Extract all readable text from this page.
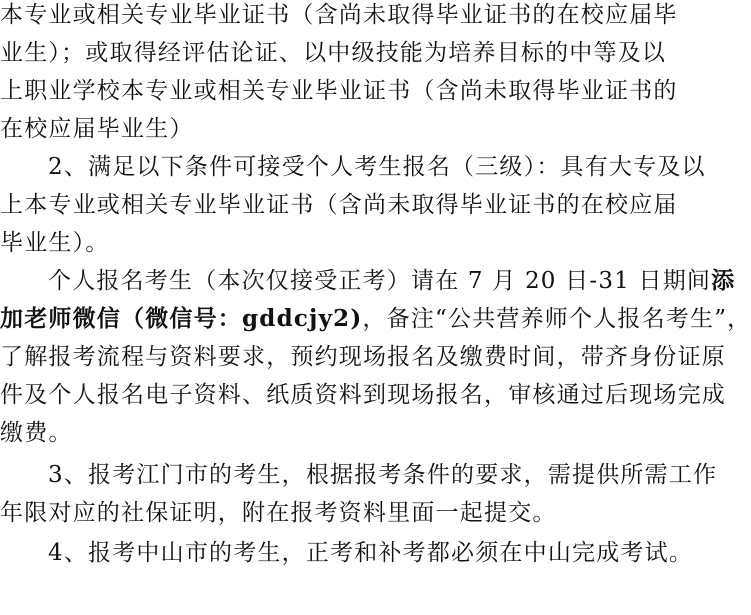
本专业或相关专业毕业证书（含尚未取得毕业证书的在校应届毕
业生）；或取得经评估论证、以中级技能为培养目标的中等及以
上职业学校本专业或相关专业毕业证书（含尚未取得毕业证书的
在校应届毕业生）
2、满足以下条件可接受个人考生报名（三级）：具有大专及以
上本专业或相关专业毕业证书（含尚未取得毕业证书的在校应届
毕业生）。
个人报名考生（本次仅接受正考）请在 7 月 20 日-31 日期间添
加老师微信（微信号：gddcjy2)，备注“公共营养师个人报名考生”，
了解报考流程与资料要求，预约现场报名及缴费时间，带齐身份证原
件及个人报名电子资料、纸质资料到现场报名，审核通过后现场完成
缴费。
3、报考江门市的考生，根据报考条件的要求，需提供所需工作
年限对应的社保证明，附在报考资料里面一起提交。
4、报考中山市的考生，正考和补考都必须在中山完成考试。
